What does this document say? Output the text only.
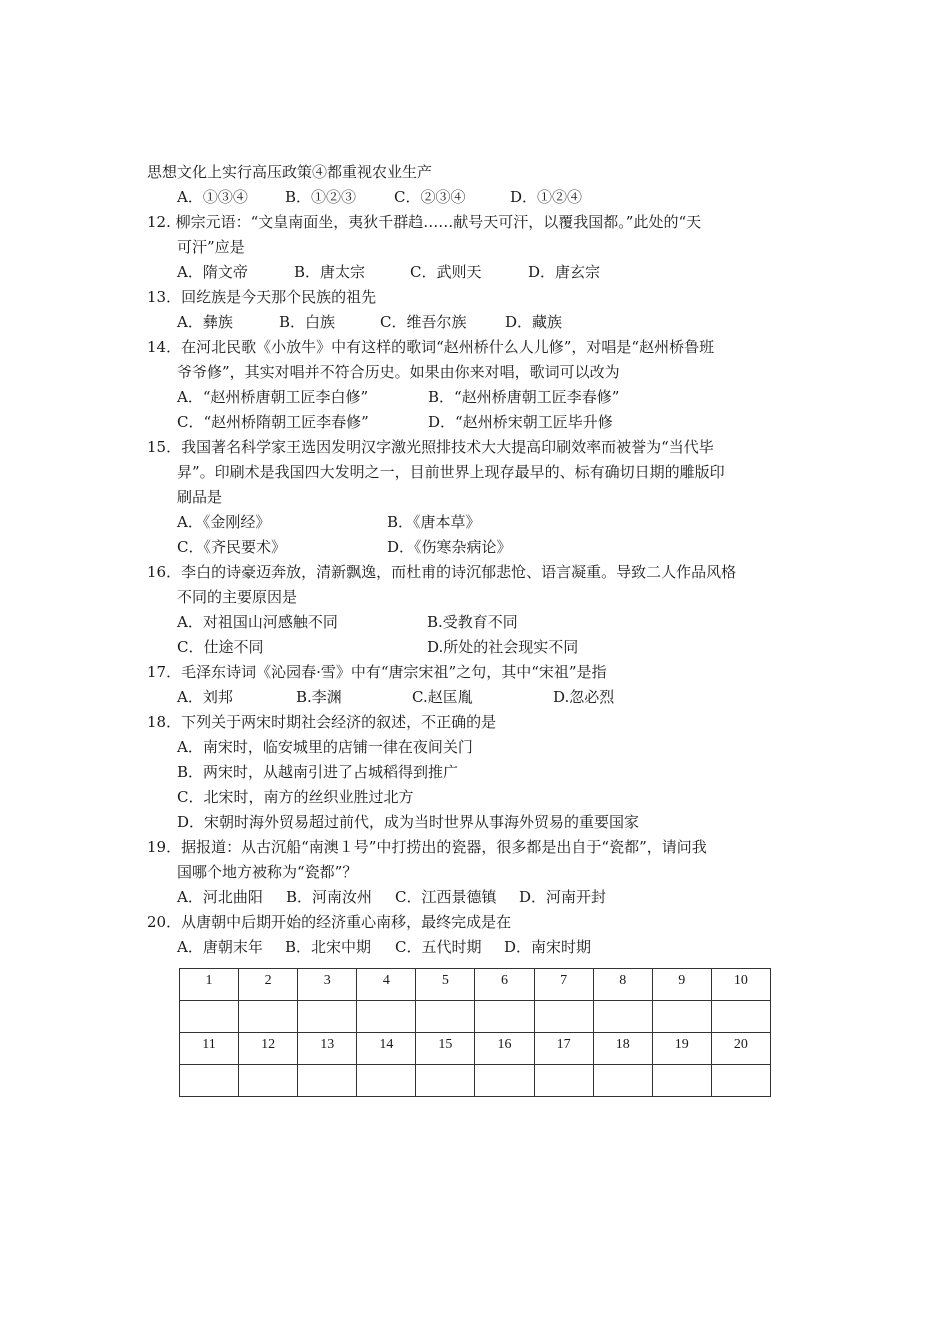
思想文化上实行高压政策④都重视农业生产
A．①③④ B．①②③	C．②③④	D．①②④
12. 柳宗元语：“文皇南面坐，夷狄千群趋……献号天可汗，以覆我国都。”此处的“天
可汗”应是
A．隋文帝	B．唐太宗	C．武则天	D．唐玄宗
13．回纥族是今天那个民族的祖先
A．彝族	B．白族	C．维吾尔族	D．藏族
14．在河北民歌《小放牛》中有这样的歌词“赵州桥什么人儿修”，对唱是“赵州桥鲁班
爷爷修”，其实对唱并不符合历史。如果由你来对唱，歌词可以改为
A．“赵州桥唐朝工匠李白修”	B．“赵州桥唐朝工匠李春修”
C．“赵州桥隋朝工匠李春修”	D．“赵州桥宋朝工匠毕升修
15．我国著名科学家王选因发明汉字激光照排技术大大提高印刷效率而被誉为“当代毕
昇”。印刷术是我国四大发明之一，目前世界上现存最早的、标有确切日期的雕版印
刷品是
A．《金刚经》	B．《唐本草》
C．《齐民要术》	D．《伤寒杂病论》
16．李白的诗豪迈奔放，清新飘逸，而杜甫的诗沉郁悲怆、语言凝重。导致二人作品风格
不同的主要原因是
A．对祖国山河感触不同	B.受教育不同
C．仕途不同	D.所处的社会现实不同
17．毛泽东诗词《沁园春·雪》中有“唐宗宋祖”之句，其中“宋祖”是指
A．刘邦	B.李渊	C.赵匡胤	D.忽必烈
18．下列关于两宋时期社会经济的叙述，不正确的是
A．南宋时，临安城里的店铺一律在夜间关门
B．两宋时，从越南引进了占城稻得到推广
C．北宋时，南方的丝织业胜过北方
D．宋朝时海外贸易超过前代，成为当时世界从事海外贸易的重要国家
19．据报道：从古沉船“南澳１号”中打捞出的瓷器，很多都是出自于“瓷都”，请问我
国哪个地方被称为“瓷都”？
A．河北曲阳 B．河南汝州 C．江西景德镇 D．河南开封
20．从唐朝中后期开始的经济重心南移，最终完成是在
A．唐朝末年 B．北宋中期 C．五代时期 D．南宋时期
1	2	3	4	5	6	7	8	9	10

11	12	13	14	15	16	17	18	19	20
